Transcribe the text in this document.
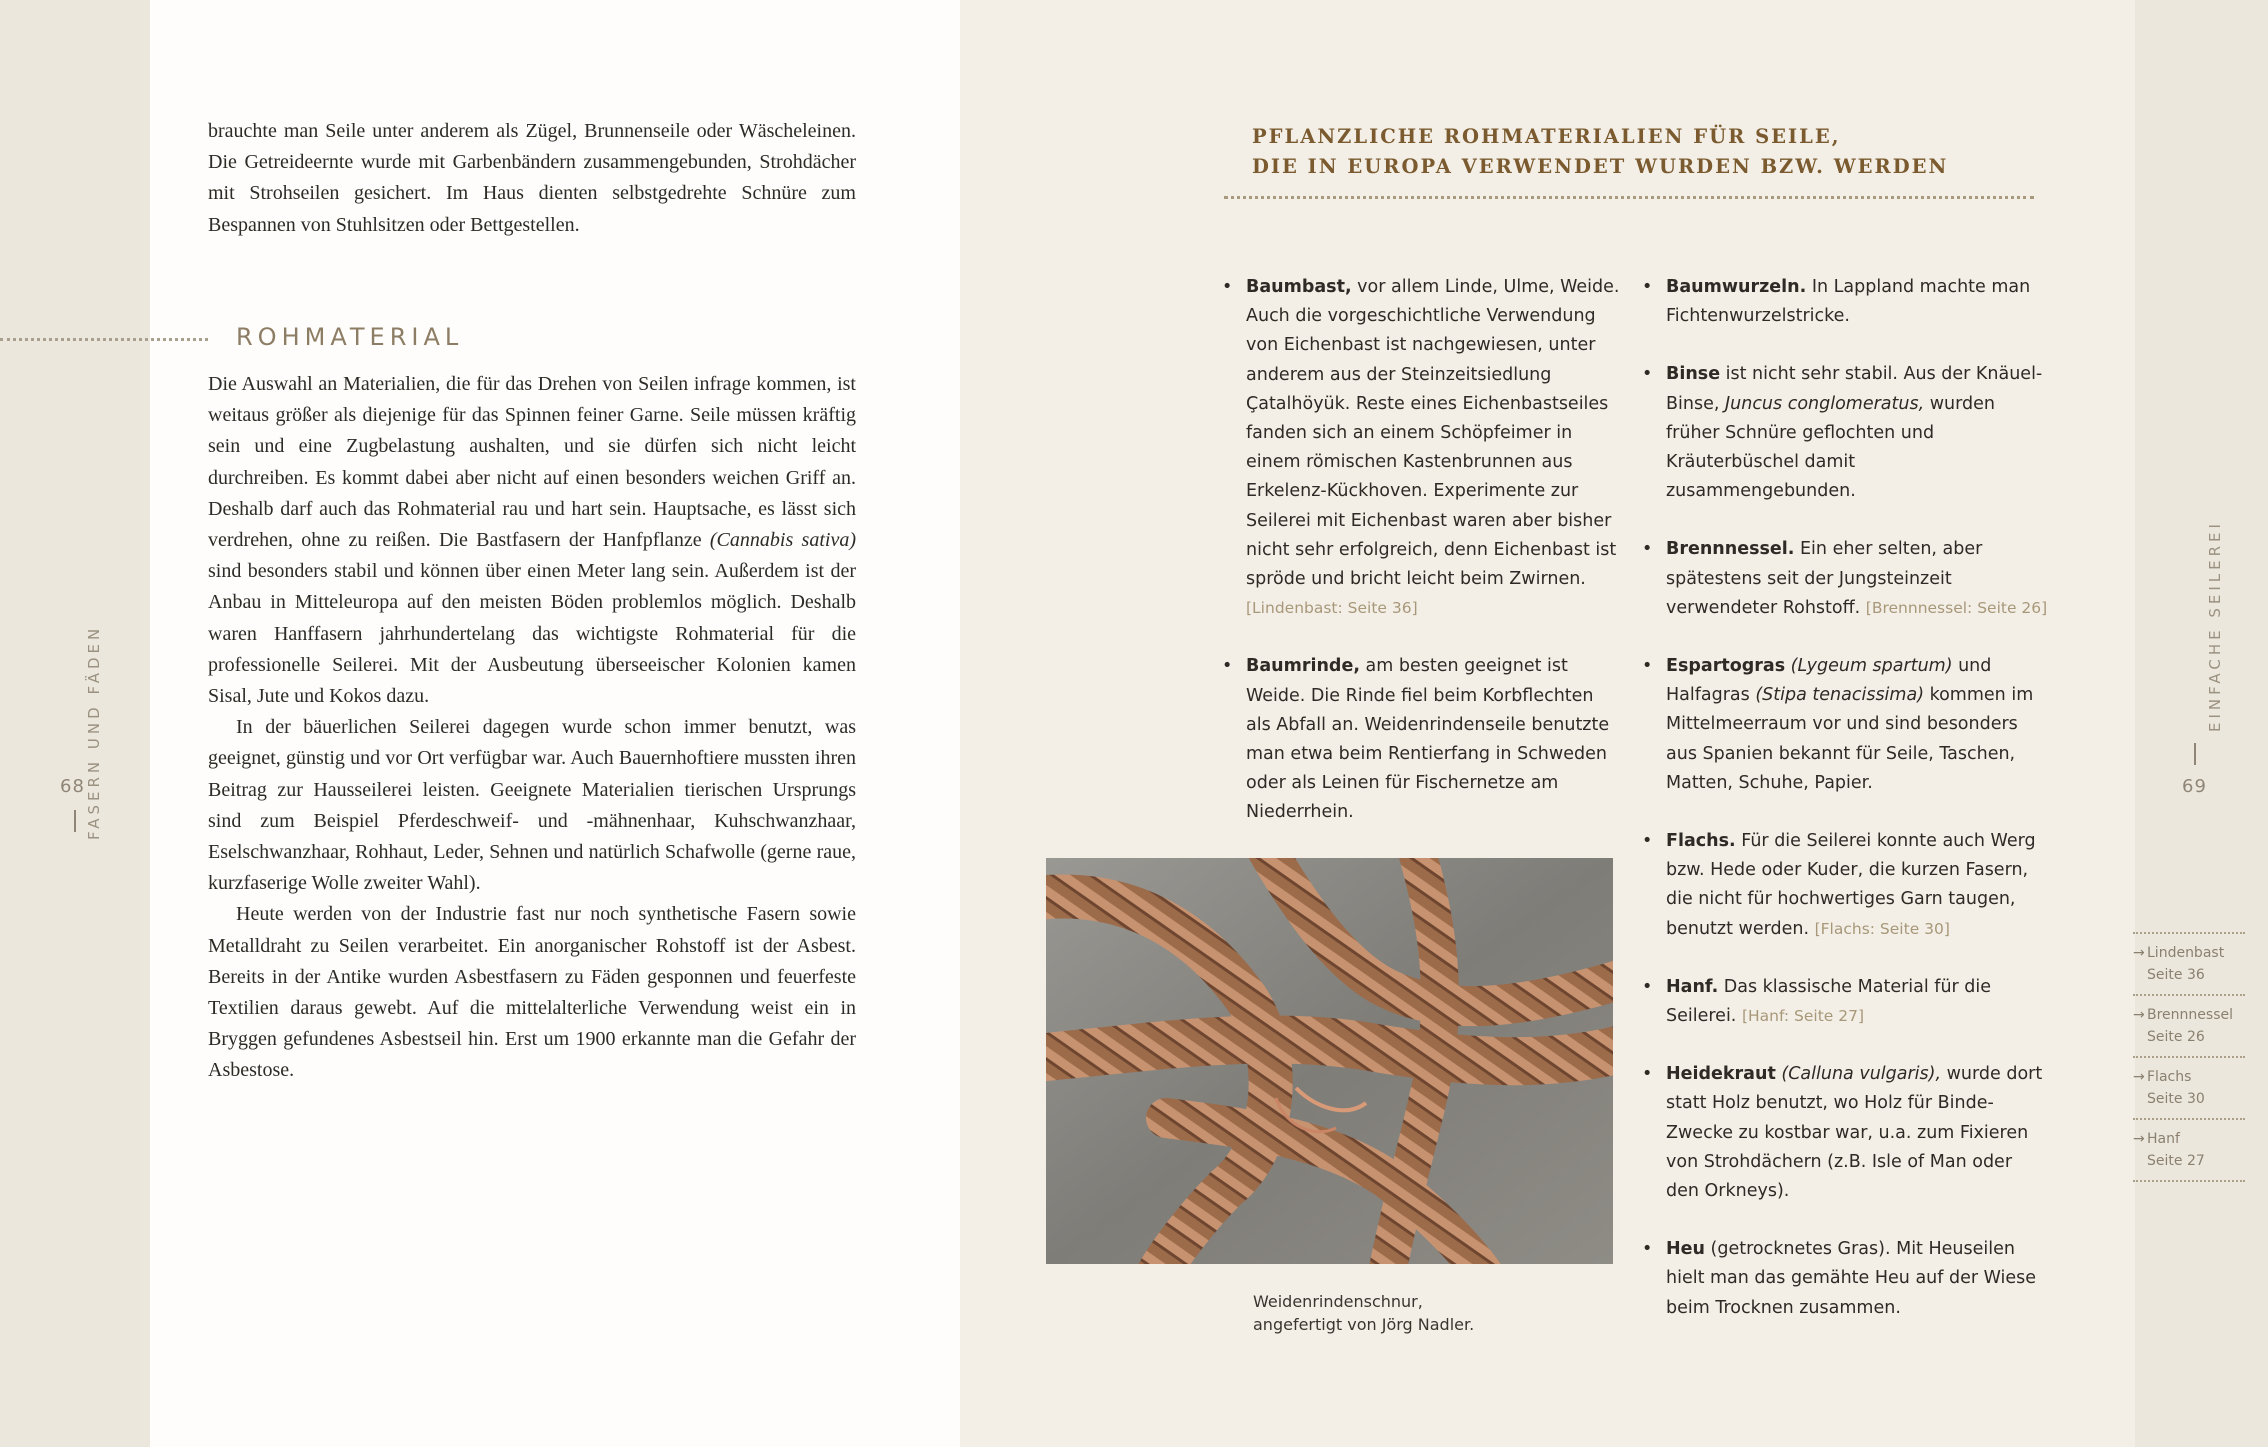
brauchte man Seile unter anderem als Zügel, Brunnenseile oder Wäscheleinen. Die Getreideernte wurde mit Garbenbändern zusammengebunden, Strohdächer mit Strohseilen gesichert. Im Haus dienten selbstgedrehte Schnüre zum Bespannen von Stuhlsitzen oder Bettgestellen.

ROHMATERIAL

Die Auswahl an Materialien, die für das Drehen von Seilen infrage kommen, ist weitaus größer als diejenige für das Spinnen feiner Garne. Seile müssen kräftig sein und eine Zugbelastung aushalten, und sie dürfen sich nicht leicht durchreiben. Es kommt dabei aber nicht auf einen besonders weichen Griff an. Deshalb darf auch das Rohmaterial rau und hart sein. Hauptsache, es lässt sich verdrehen, ohne zu reißen. Die Bastfasern der Hanfpflanze (Cannabis sativa) sind besonders stabil und können über einen Meter lang sein. Außerdem ist der Anbau in Mitteleuropa auf den meisten Böden problemlos möglich. Deshalb waren Hanffasern jahrhundertelang das wichtigste Rohmaterial für die professionelle Seilerei. Mit der Ausbeutung überseeischer Kolonien kamen Sisal, Jute und Kokos dazu.

In der bäuerlichen Seilerei dagegen wurde schon immer benutzt, was geeignet, günstig und vor Ort verfügbar war. Auch Bauernhoftiere mussten ihren Beitrag zur Hausseilerei leisten. Geeignete Materialien tierischen Ursprungs sind zum Beispiel Pferdeschweif- und -mähnenhaar, Kuhschwanzhaar, Eselschwanzhaar, Rohhaut, Leder, Sehnen und natürlich Schafwolle (gerne raue, kurzfaserige Wolle zweiter Wahl).

Heute werden von der Industrie fast nur noch synthetische Fasern sowie Metalldraht zu Seilen verarbeitet. Ein anorganischer Rohstoff ist der Asbest. Bereits in der Antike wurden Asbestfasern zu Fäden gesponnen und feuerfeste Textilien daraus gewebt. Auf die mittelalterliche Verwendung weist ein in Bryggen gefundenes Asbestseil hin. Erst um 1900 erkannte man die Gefahr der Asbestose.

68 FASERN UND FÄDEN
PFLANZLICHE ROHMATERIALIEN FÜR SEILE,
DIE IN EUROPA VERWENDET WURDEN BZW. WERDEN
• Baumbast, vor allem Linde, Ulme, Weide. Auch die vorgeschichtliche Verwendung von Eichenbast ist nachgewiesen, unter anderem aus der Steinzeitsiedlung Çatalhöyük. Reste eines Eichenbastseiles fanden sich an einem Schöpfeimer in einem römischen Kastenbrunnen aus Erkelenz-Kückhoven. Experimente zur Seilerei mit Eichenbast waren aber bisher nicht sehr erfolgreich, denn Eichenbast ist spröde und bricht leicht beim Zwirnen. [Lindenbast: Seite 36]
• Baumrinde, am besten geeignet ist Weide. Die Rinde fiel beim Korbflechten als Abfall an. Weidenrindenseile benutzte man etwa beim Rentierfang in Schweden oder als Leinen für Fischernetze am Niederrhein.
• Baumwurzeln. In Lappland machte man Fichtenwurzelstricke.
• Binse ist nicht sehr stabil. Aus der Knäuel-Binse, Juncus conglomeratus, wurden früher Schnüre geflochten und Kräuterbüschel damit zusammengebunden.
• Brennnessel. Ein eher selten, aber spätestens seit der Jungsteinzeit verwendeter Rohstoff. [Brennnessel: Seite 26]
• Espartogras (Lygeum spartum) und Halfagras (Stipa tenacissima) kommen im Mittelmeerraum vor und sind besonders aus Spanien bekannt für Seile, Taschen, Matten, Schuhe, Papier.
• Flachs. Für die Seilerei konnte auch Werg bzw. Hede oder Kuder, die kurzen Fasern, die nicht für hochwertiges Garn taugen, benutzt werden. [Flachs: Seite 30]
• Hanf. Das klassische Material für die Seilerei. [Hanf: Seite 27]
• Heidekraut (Calluna vulgaris), wurde dort statt Holz benutzt, wo Holz für Binde-Zwecke zu kostbar war, u.a. zum Fixieren von Strohdächern (z.B. Isle of Man oder den Orkneys).
• Heu (getrocknetes Gras). Mit Heuseilen hielt man das gemähte Heu auf der Wiese beim Trocknen zusammen.
Weidenrindenschnur,
angefertigt von Jörg Nadler.
EINFACHE SEILEREI
69
→ Lindenbast
Seite 36
→ Brennnessel
Seite 26
→ Flachs
Seite 30
→ Hanf
Seite 27
